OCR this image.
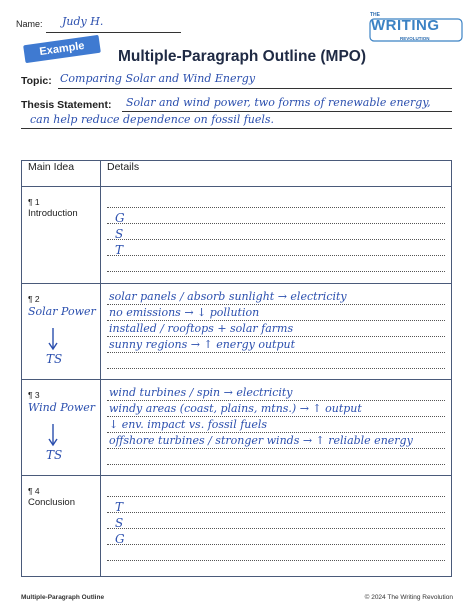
Name: Judy H.	THE
WRITING
REVOLUTION
Example	Multiple-Paragraph Outline (MPO)
Topic: Comparing Solar and Wind Energy
Thesis Statement:	Solar and wind power, two forms of renewable energy, can help reduce dependence on fossil fuels.
Main Idea	Details

¶ 1
Introduction	G
S
T

¶ 2
Solar Power
TS	solar panels / absorb sunlight → electricity
no emissions → ↓ pollution
installed / rooftops + solar farms
sunny regions → ↑ energy output

¶ 3
Wind Power
TS	wind turbines / spin → electricity
windy areas (coast, plains, mtns.) → ↑ output
↓ env. impact vs. fossil fuels
offshore turbines / stronger winds → ↑ reliable energy

¶ 4
Conclusion	T
S
G
Multiple-Paragraph Outline	© 2024 The Writing Revolution
